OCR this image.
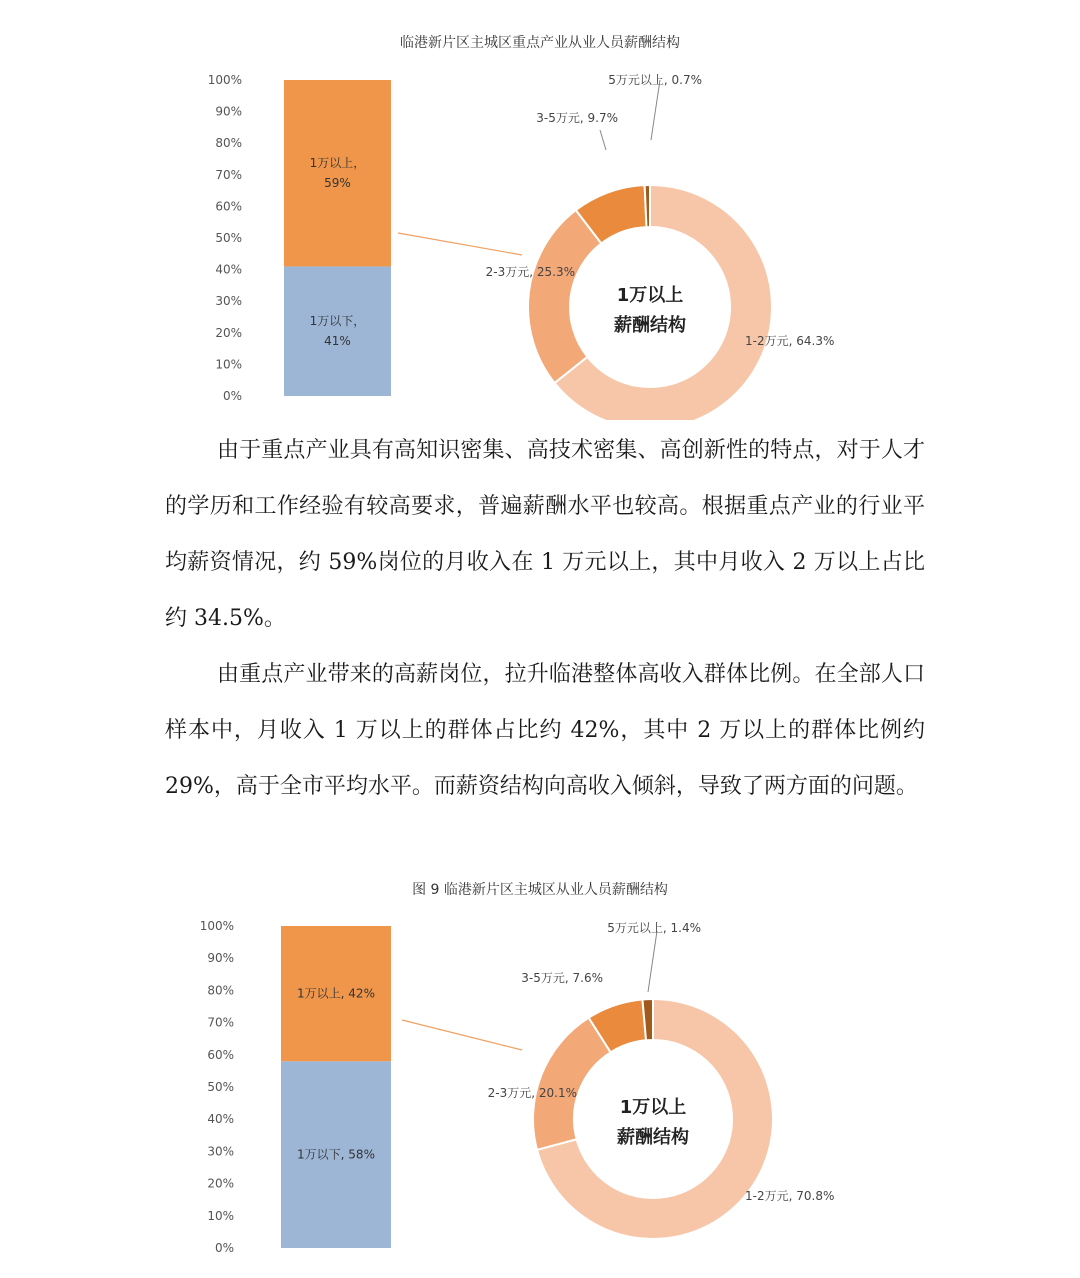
临港新片区主城区重点产业从业人员薪酬结构
0%
10%
20%
30%
40%
50%
60%
70%
80%
90%
100%
1万以下，
41%
1万以上，
59%
1-2万元, 64.3%
2-3万元, 25.3%
3-5万元, 9.7%
5万元以上, 0.7%
1万以上
薪酬结构

由于重点产业具有高知识密集、高技术密集、高创新性的特点，对于人才的学历和工作经验有较高要求，普遍薪酬水平也较高。根据重点产业的行业平均薪资情况，约 59%岗位的月收入在 1 万元以上，其中月收入 2 万以上占比约 34.5%。

由重点产业带来的高薪岗位，拉升临港整体高收入群体比例。在全部人口样本中，月收入 1 万以上的群体占比约 42%，其中 2 万以上的群体比例约 29%，高于全市平均水平。而薪资结构向高收入倾斜，导致了两方面的问题。

图 9 临港新片区主城区从业人员薪酬结构
0%
10%
20%
30%
40%
50%
60%
70%
80%
90%
100%
1万以下, 58%
1万以上, 42%
1-2万元, 70.8%
2-3万元, 20.1%
3-5万元, 7.6%
5万元以上, 1.4%
1万以上
薪酬结构
